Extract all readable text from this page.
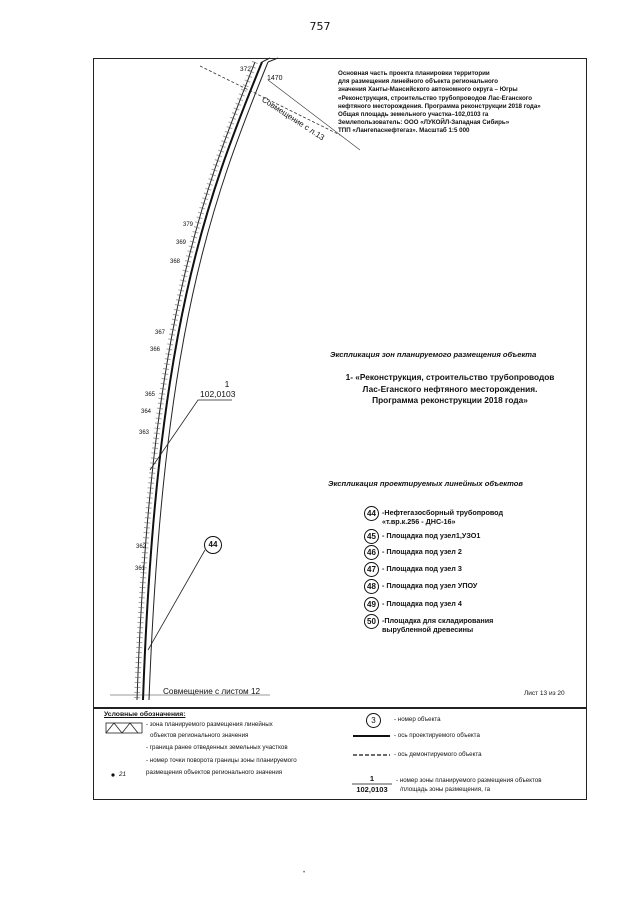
757
372
1470
379
369
368
367
366
365
364
363
362
361
Совмещение с л.13
1
102,0103
44
Совмещение с листом 12
Основная часть проекта планировки территории
для размещения линейного объекта регионального
значения Ханты-Мансийского автономного округа – Югры
«Реконструкция, строительство трубопроводов Лас-Еганского
нефтяного месторождения. Программа реконструкции 2018 года»
Общая площадь земельного участка–102,0103 га
Землепользователь: ООО «ЛУКОЙЛ-Западная Сибирь»
ТПП «Лангепаснефтегаз». Масштаб 1:5 000
Экспликация зон планируемого размещения объекта
1- «Реконструкция, строительство трубопроводов
Лас-Еганского нефтяного месторождения.
Программа реконструкции 2018 года»
Экспликация проектируемых линейных объектов
44 -Нефтегазосборный трубопровод
«т.вр.к.256 - ДНС-16»
45 - Площадка под узел1,УЗО1
46 - Площадка под узел 2
47 - Площадка под узел 3
48 - Площадка под узел УПОУ
49 - Площадка под узел 4
50 -Площадка для складирования
вырубленной древесины
Лист 13 из 20
Условные обозначения:
- зона планируемого размещения линейных
объектов регионального значения
- граница ранее отведенных земельных участков
- номер точки поворота границы зоны планируемого
размещения объектов регионального значения
21
3	- номер объекта
- ось проектируемого объекта
- ось демонтируемого объекта
1
102,0103
- номер зоны планируемого размещения объектов
/площадь зоны размещения, га
•
